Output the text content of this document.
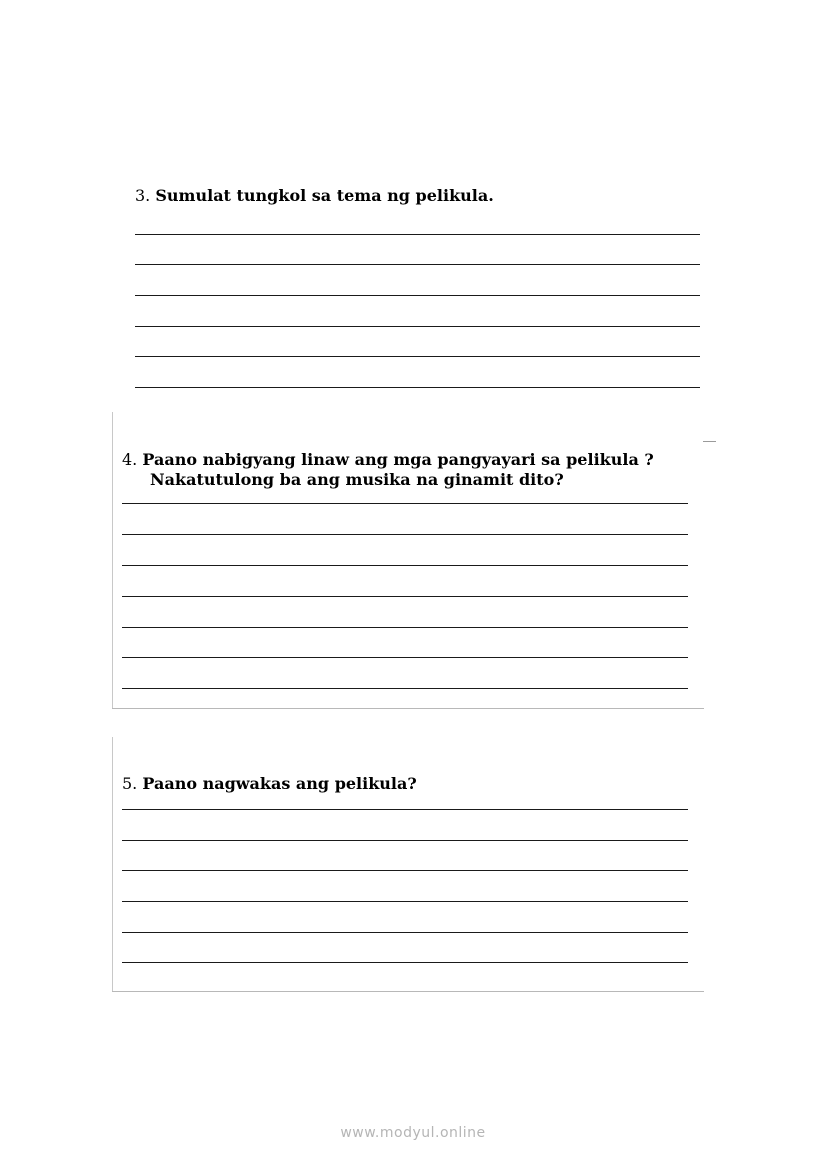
3. Sumulat tungkol sa tema ng pelikula.
4. Paano nabigyang linaw ang mga pangyayari sa pelikula ?
Nakatutulong ba ang musika na ginamit dito?
5. Paano nagwakas ang pelikula?
www.modyul.online
